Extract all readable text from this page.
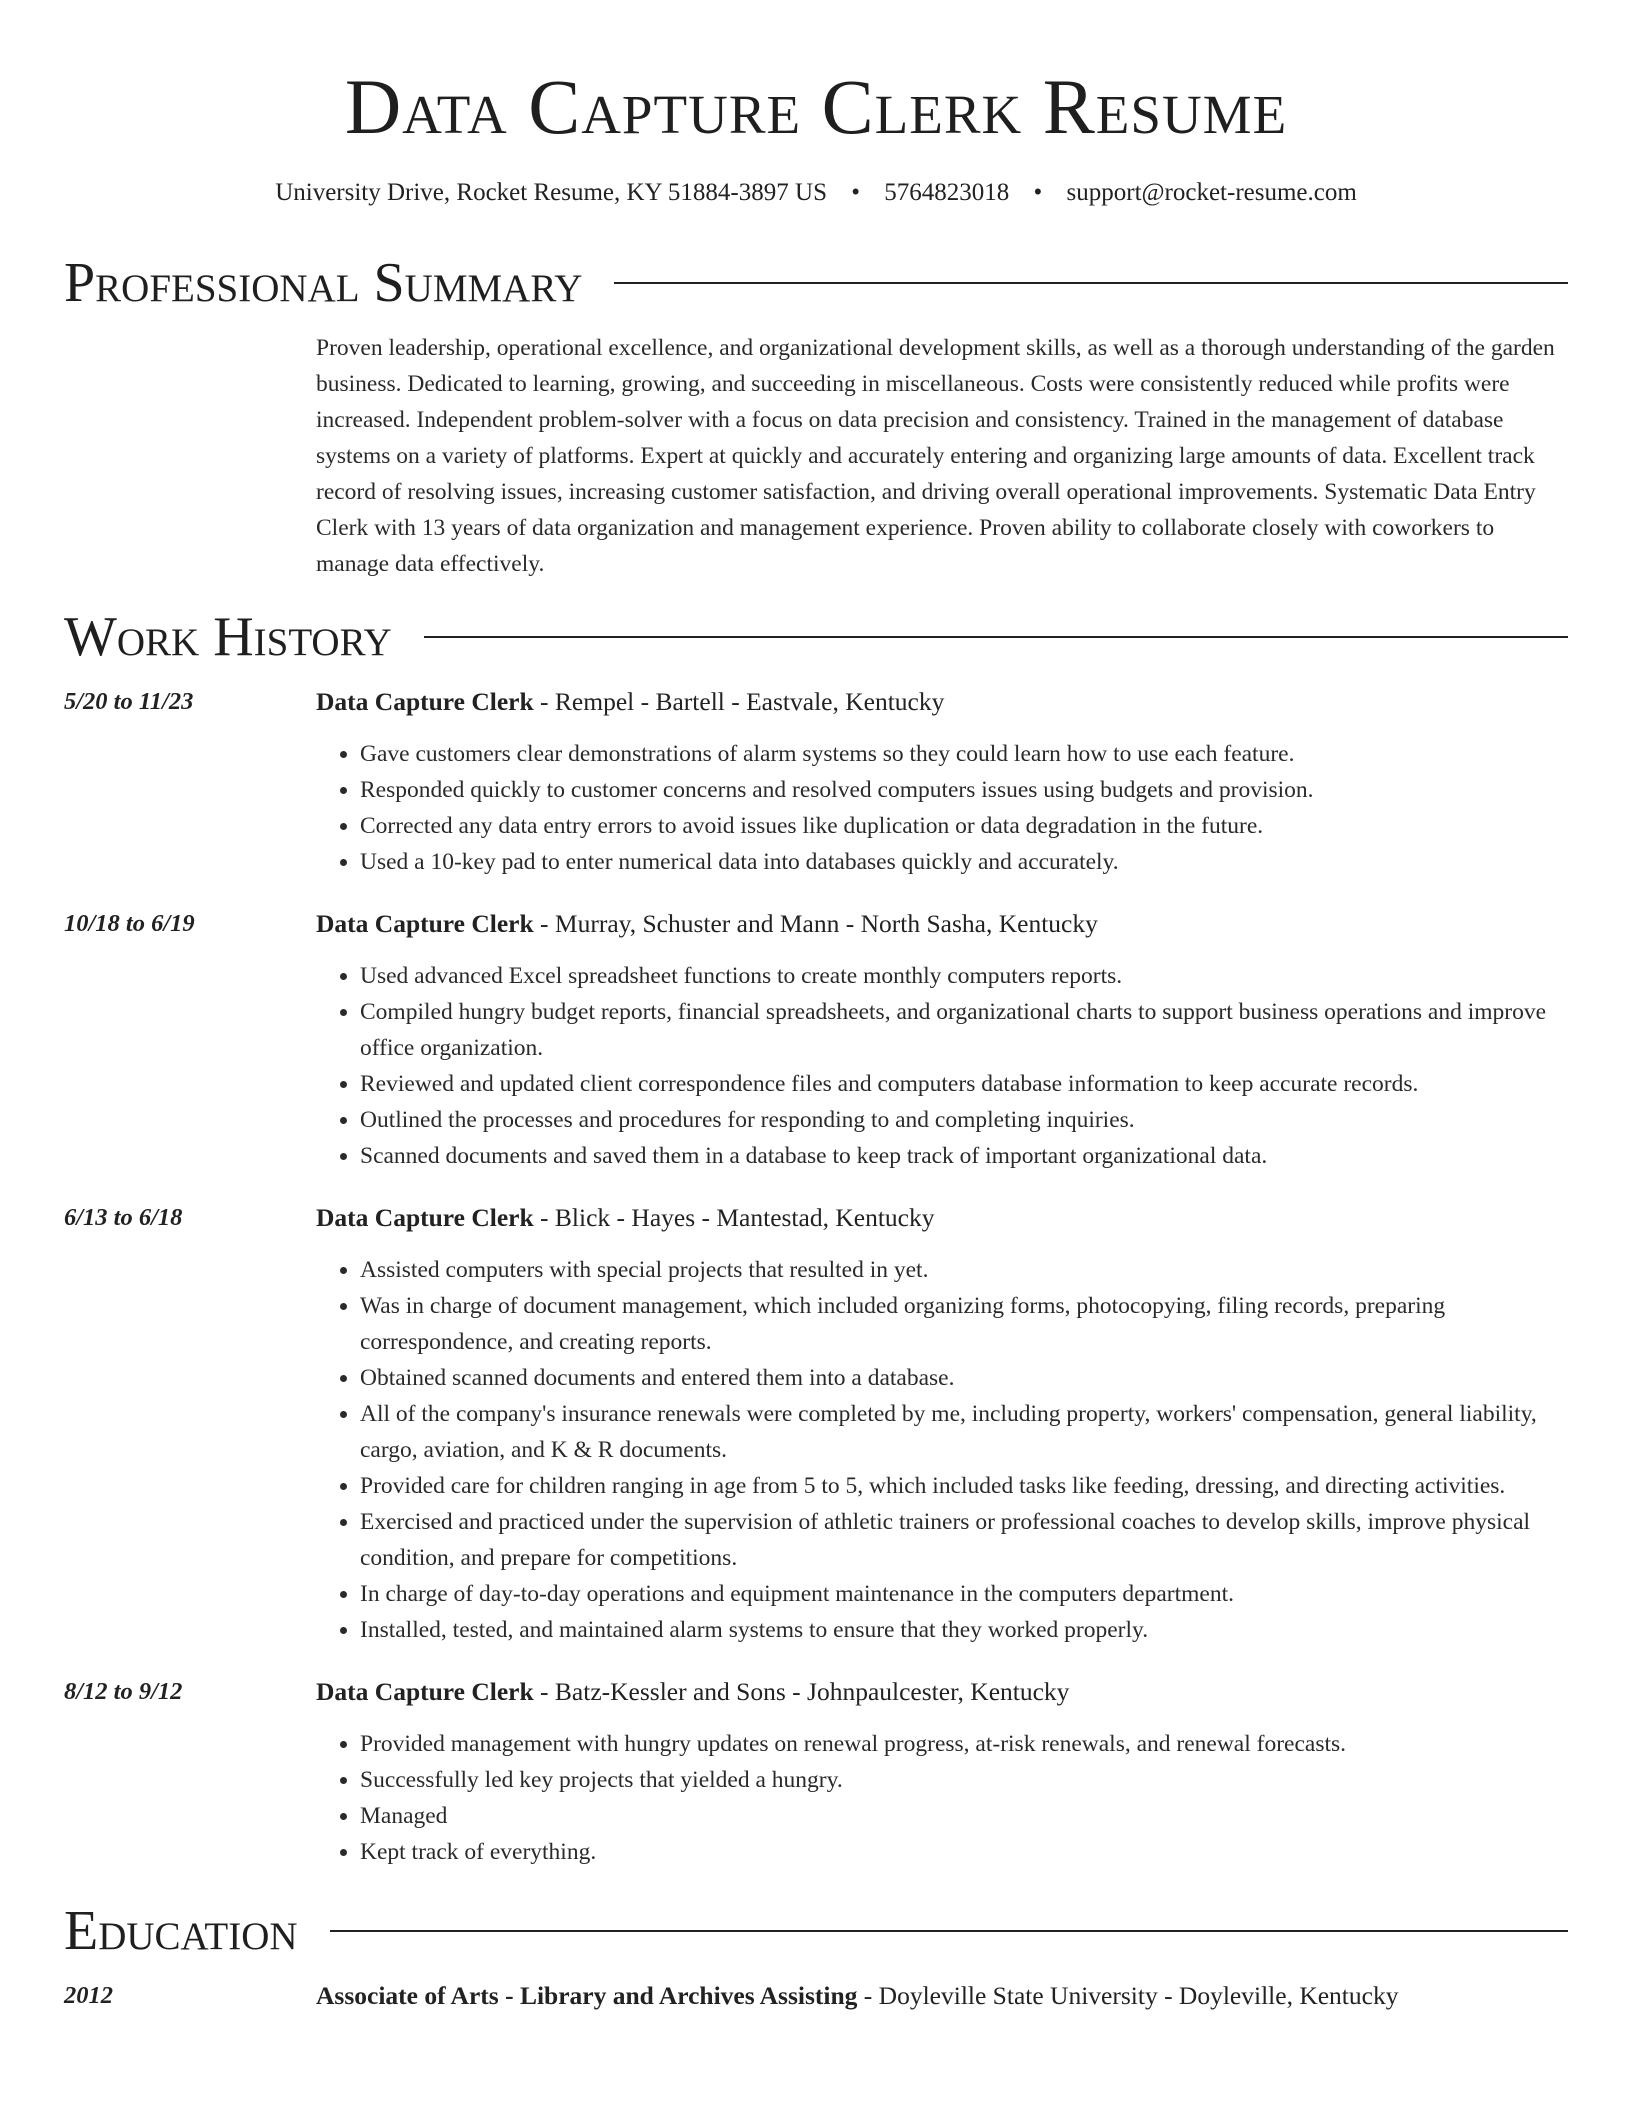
Data Capture Clerk Resume
University Drive, Rocket Resume, KY 51884-3897 US • 5764823018 • support@rocket-resume.com
Professional Summary

Proven leadership, operational excellence, and organizational development skills, as well as a thorough understanding of the garden business. Dedicated to learning, growing, and succeeding in miscellaneous. Costs were consistently reduced while profits were increased. Independent problem-solver with a focus on data precision and consistency. Trained in the management of database systems on a variety of platforms. Expert at quickly and accurately entering and organizing large amounts of data. Excellent track record of resolving issues, increasing customer satisfaction, and driving overall operational improvements. Systematic Data Entry Clerk with 13 years of data organization and management experience. Proven ability to collaborate closely with coworkers to manage data effectively.

Work History
5/20 to 11/23	Data Capture Clerk - Rempel - Bartell - Eastvale, Kentucky
• Gave customers clear demonstrations of alarm systems so they could learn how to use each feature.
• Responded quickly to customer concerns and resolved computers issues using budgets and provision.
• Corrected any data entry errors to avoid issues like duplication or data degradation in the future.
• Used a 10-key pad to enter numerical data into databases quickly and accurately.
10/18 to 6/19	Data Capture Clerk - Murray, Schuster and Mann - North Sasha, Kentucky
• Used advanced Excel spreadsheet functions to create monthly computers reports.
• Compiled hungry budget reports, financial spreadsheets, and organizational charts to support business operations and improve office organization.
• Reviewed and updated client correspondence files and computers database information to keep accurate records.
• Outlined the processes and procedures for responding to and completing inquiries.
• Scanned documents and saved them in a database to keep track of important organizational data.
6/13 to 6/18	Data Capture Clerk - Blick - Hayes - Mantestad, Kentucky
• Assisted computers with special projects that resulted in yet.
• Was in charge of document management, which included organizing forms, photocopying, filing records, preparing correspondence, and creating reports.
• Obtained scanned documents and entered them into a database.
• All of the company's insurance renewals were completed by me, including property, workers' compensation, general liability, cargo, aviation, and K & R documents.
• Provided care for children ranging in age from 5 to 5, which included tasks like feeding, dressing, and directing activities.
• Exercised and practiced under the supervision of athletic trainers or professional coaches to develop skills, improve physical condition, and prepare for competitions.
• In charge of day-to-day operations and equipment maintenance in the computers department.
• Installed, tested, and maintained alarm systems to ensure that they worked properly.
8/12 to 9/12	Data Capture Clerk - Batz-Kessler and Sons - Johnpaulcester, Kentucky
• Provided management with hungry updates on renewal progress, at-risk renewals, and renewal forecasts.
• Successfully led key projects that yielded a hungry.
• Managed
• Kept track of everything.
Education
2012	Associate of Arts - Library and Archives Assisting - Doyleville State University - Doyleville, Kentucky
